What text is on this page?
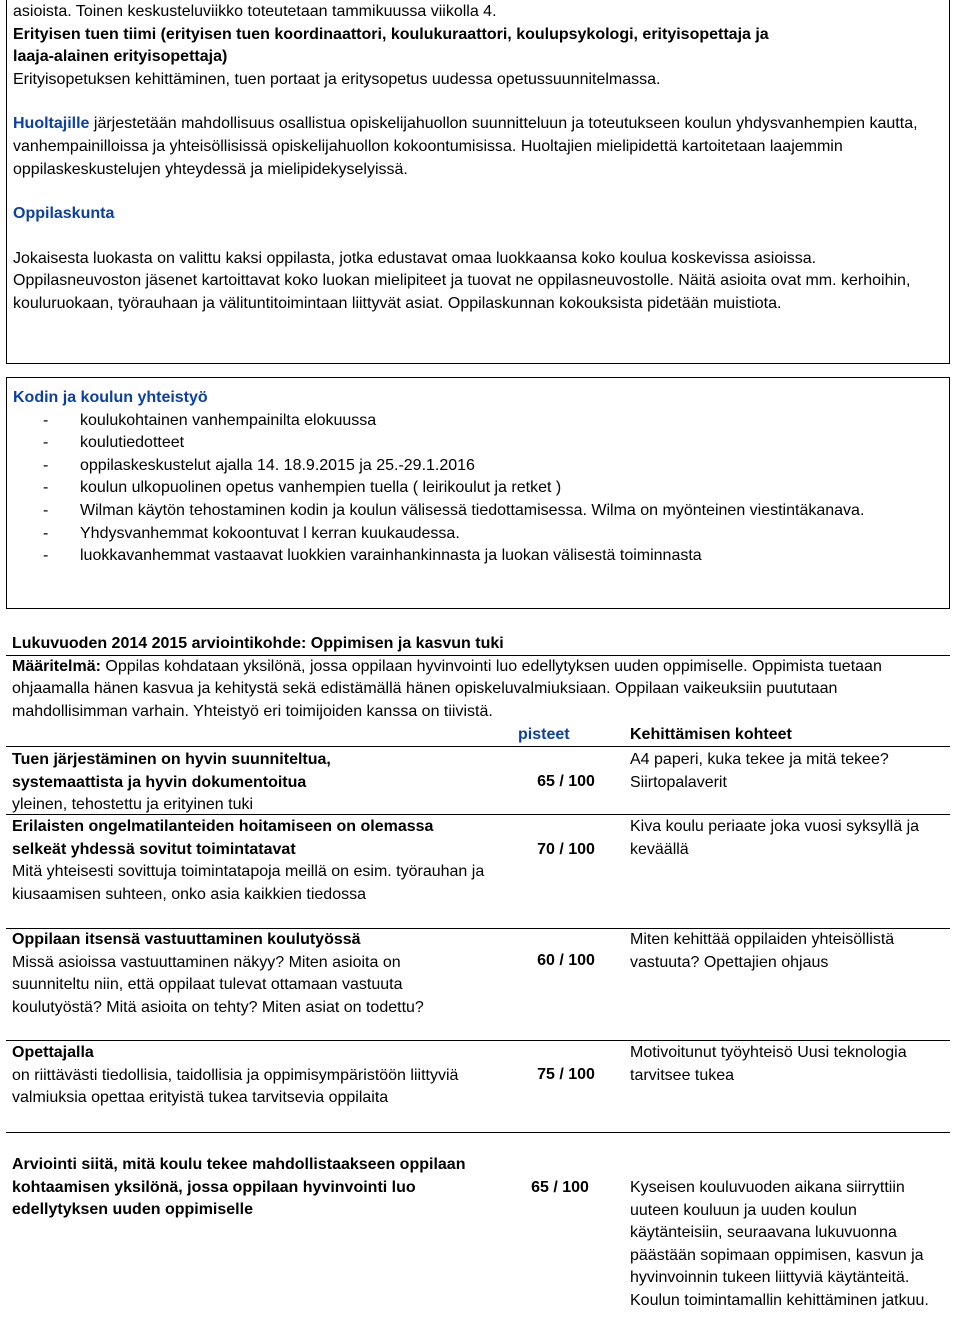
asioista. Toinen keskusteluviikko toteutetaan tammikuussa viikolla 4.

Erityisen tuen tiimi (erityisen tuen koordinaattori, koulukuraattori, koulupsykologi, erityisopettaja ja

laaja-alainen erityisopettaja)

Erityisopetuksen kehittäminen, tuen portaat ja eritysopetus uudessa opetussuunnitelmassa.

Huoltajille järjestetään mahdollisuus osallistua opiskelijahuollon suunnitteluun ja toteutukseen koulun yhdysvanhempien kautta, vanhempainilloissa ja yhteisöllisissä opiskelijahuollon kokoontumisissa. Huoltajien mielipidettä kartoitetaan laajemmin oppilaskeskustelujen yhteydessä ja mielipidekyselyissä.

Oppilaskunta

Jokaisesta luokasta on valittu kaksi oppilasta, jotka edustavat omaa luokkaansa koko koulua koskevissa asioissa. Oppilasneuvoston jäsenet kartoittavat koko luokan mielipiteet ja tuovat ne oppilasneuvostolle. Näitä asioita ovat mm. kerhoihin, kouluruokaan, työrauhaan ja välituntitoimintaan liittyvät asiat. Oppilaskunnan kokouksista pidetään muistiota.

Kodin ja koulun yhteistyö

- koulukohtainen vanhempainilta elokuussa
- koulutiedotteet
- oppilaskeskustelut ajalla 14. 18.9.2015 ja 25.-29.1.2016
- koulun ulkopuolinen opetus vanhempien tuella ( leirikoulut ja retket )
- Wilman käytön tehostaminen kodin ja koulun välisessä tiedottamisessa. Wilma on myönteinen viestintäkanava.
- Yhdysvanhemmat kokoontuvat l kerran kuukaudessa.
- luokkavanhemmat vastaavat luokkien varainhankinnasta ja luokan välisestä toiminnasta

Lukuvuoden 2014 2015 arviointikohde: Oppimisen ja kasvun tuki

Määritelmä: Oppilas kohdataan yksilönä, jossa oppilaan hyvinvointi luo edellytyksen uuden oppimiselle. Oppimista tuetaan ohjaamalla hänen kasvua ja kehitystä sekä edistämällä hänen opiskeluvalmiuksiaan. Oppilaan vaikeuksiin puututaan mahdollisimman varhain. Yhteistyö eri toimijoiden kanssa on tiivistä.

pisteet	Kehittämisen kohteet

Tuen järjestäminen on hyvin suunniteltua, systemaattista ja hyvin dokumentoitua

yleinen, tehostettu ja erityinen tuki

65 / 100
A4 paperi, kuka tekee ja mitä tekee? Siirtopalaverit

Erilaisten ongelmatilanteiden hoitamiseen on olemassa selkeät yhdessä sovitut toimintatavat

Mitä yhteisesti sovittuja toimintatapoja meillä on esim. työrauhan ja kiusaamisen suhteen, onko asia kaikkien tiedossa

70 / 100
Kiva koulu periaate joka vuosi syksyllä ja keväällä

Oppilaan itsensä vastuuttaminen koulutyössä

Missä asioissa vastuuttaminen näkyy? Miten asioita on suunniteltu niin, että oppilaat tulevat ottamaan vastuuta koulutyöstä? Mitä asioita on tehty? Miten asiat on todettu?

60 / 100
Miten kehittää oppilaiden yhteisöllistä vastuuta? Opettajien ohjaus

Opettajalla

on riittävästi tiedollisia, taidollisia ja oppimisympäristöön liittyviä valmiuksia opettaa erityistä tukea tarvitsevia oppilaita

75 / 100
Motivoitunut työyhteisö Uusi teknologia tarvitsee tukea

Arviointi siitä, mitä koulu tekee mahdollistaakseen oppilaan kohtaamisen yksilönä, jossa oppilaan hyvinvointi luo edellytyksen uuden oppimiselle

65 / 100	Kyseisen kouluvuoden aikana siirryttiin uuteen kouluun ja uuden koulun käytänteisiin, seuraavana lukuvuonna päästään sopimaan oppimisen, kasvun ja hyvinvoinnin tukeen liittyviä käytänteitä. Koulun toimintamallin kehittäminen jatkuu.
